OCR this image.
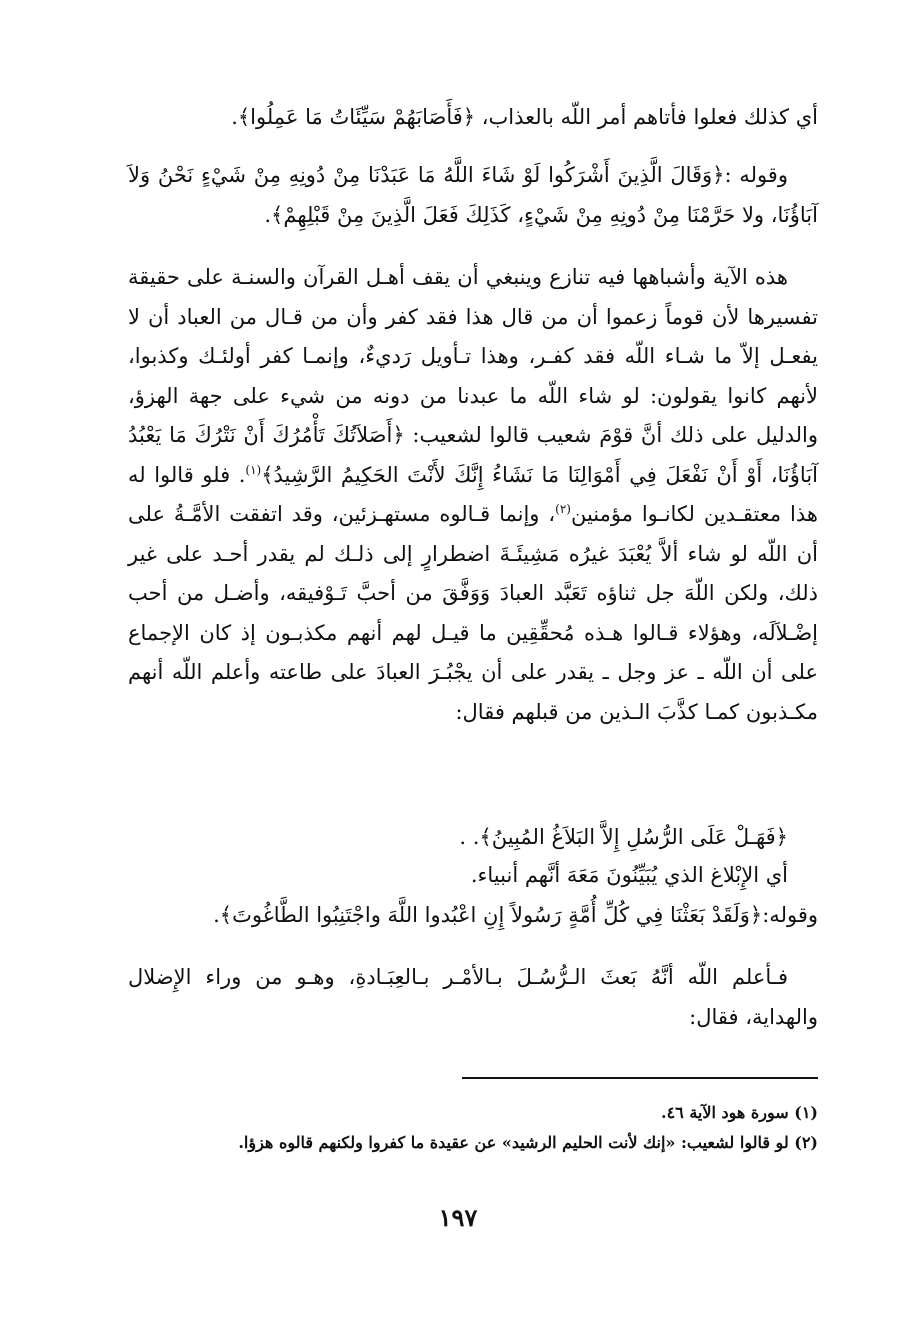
أي كذلك فعلوا فأتاهم أمر اللّه بالعذاب، ﴿فَأَصَابَهُمْ سَيِّئَاتُ مَا عَمِلُوا﴾.

وقوله :﴿وَقَالَ الَّذِينَ أَشْرَكُوا لَوْ شَاءَ اللَّهُ مَا عَبَدْنَا مِنْ دُونِهِ مِنْ شَيْءٍ نَحْنُ وَلاَ آبَاؤُنَا، ولا حَرَّمْنَا مِنْ دُونِهِ مِنْ شَيْءٍ، كَذَلِكَ فَعَلَ الَّذِينَ مِنْ قَبْلِهِمْ﴾.

هذه الآية وأشباهها فيه تنازع وينبغي أن يقف أهـل القرآن والسنـة على حقيقة تفسيرها لأن قوماً زعموا أن من قال هذا فقد كفر وأن من قـال من العباد أن لا يفعـل إلاّ ما شـاء اللّه فقد كفـر، وهذا تـأويل رَديءٌ، وإنمـا كفر أولئـك وكذبوا، لأنهم كانوا يقولون: لو شاء اللّه ما عبدنا من دونه من شيء على جهة الهزؤ، والدليل على ذلك أنَّ قوْمَ شعيب قالوا لشعيب: ﴿أَصَلاَتُكَ تَأْمُرُكَ أَنْ نَتْرُكَ مَا يَعْبُدُ آبَاؤُنَا، أَوْ أَنْ نَفْعَلَ فِي أَمْوَالِنَا مَا نَشَاءُ إِنَّكَ لأَنْتَ الحَكِيمُ الرَّشِيدُ﴾$^{(١)}$. فلو قالوا له هذا معتقـدين لكانـوا مؤمنين$^{(٢)}$، وإنما قـالوه مستهـزئين، وقد اتفقت الأمَّـةُ على أن اللّه لو شاء ألاَّ يُعْبَدَ غيرُه مَشِيئَـةَ اضطرارٍ إلى ذلـك لم يقدر أحـد على غير ذلك، ولكن اللّهَ جل ثناؤه تَعَبَّد العبادَ وَوَفَّقَ من أحبَّ تَـوْفيقه، وأضـل من أحب إضْـلاَلَه، وهؤلاء قـالوا هـذه مُحقِّقِين ما قيـل لهم أنهم مكذبـون إذ كان الإجماع على أن اللّه ـ عز وجل ـ يقدر على أن يجْبُـرَ العبادَ على طاعته وأعلم اللّه أنهم مكـذبون كمـا كذَّبَ الـذين من قبلهم فقال:

﴿فَهَـلْ عَلَى الرُّسُلِ إِلاَّ البَلاَغُ المُبِينُ﴾. .

أي الإِبْلاغ الذي يُبَيِّنُونَ مَعَهَ أنَّهم أنبياء.

وقوله:﴿وَلَقَدْ بَعَثْنَا فِي كُلِّ أُمَّةٍ رَسُولاً إِنِ اعْبُدوا اللَّهَ واجْتَنِبُوا الطَّاغُوتَ﴾.

فـأعلم اللّه أنَّهُ بَعثَ الـرُّسُـلَ بـالأمْـر بـالعِبَـادةِ، وهـو من وراء الإِضلال والهداية، فقال:

(١) سورة هود الآية ٤٦.
(٢) لو قالوا لشعيب: «إنك لأنت الحليم الرشيد» عن عقيدة ما كفروا ولكنهم قالوه هزؤا.
١٩٧
